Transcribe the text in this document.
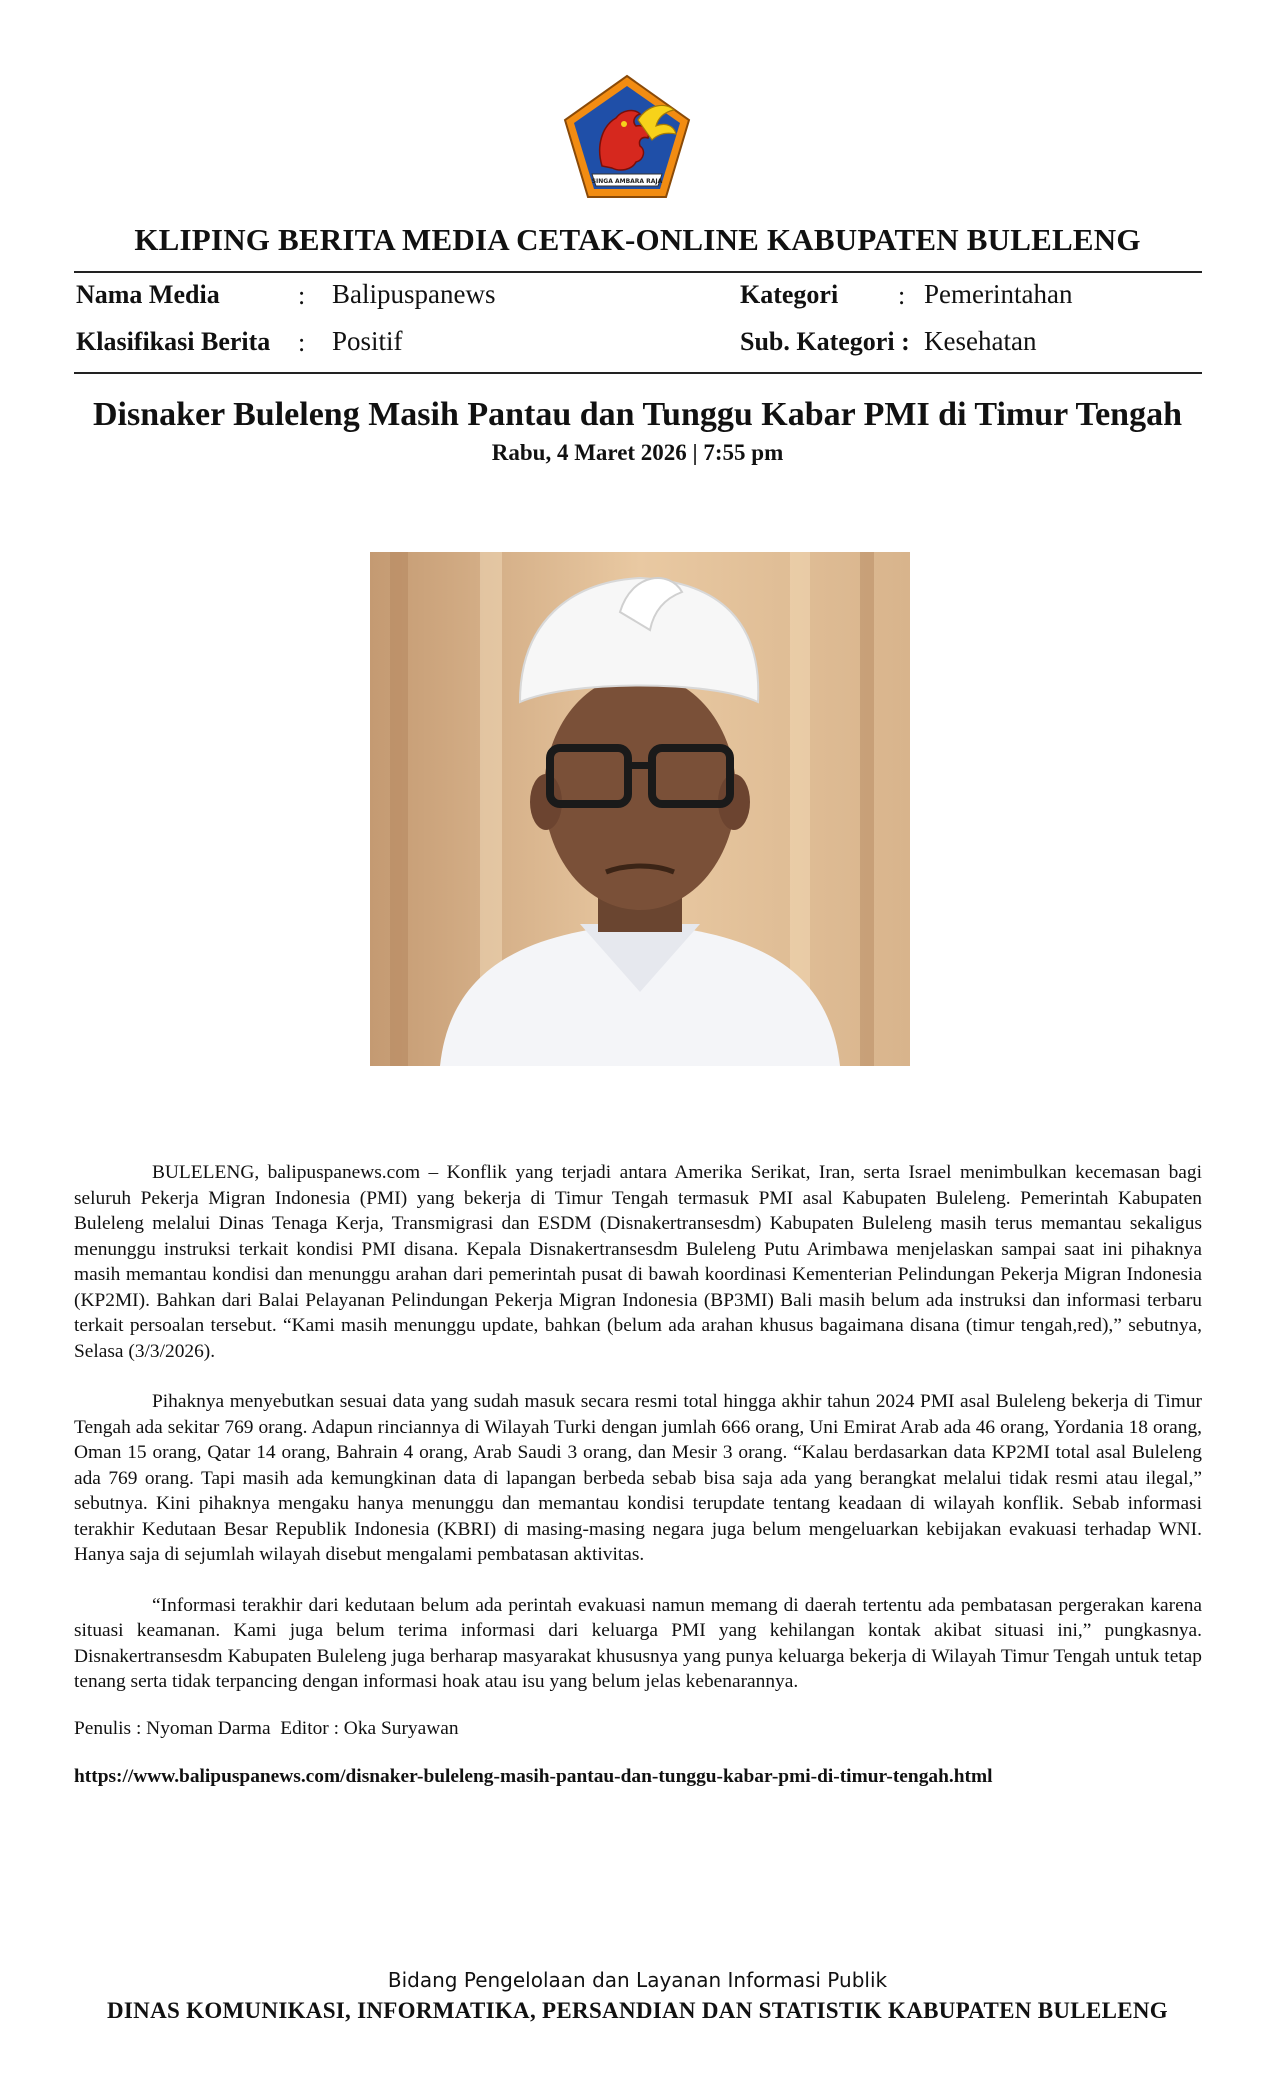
SINGA AMBARA RAJA
KLIPING BERITA MEDIA CETAK-ONLINE KABUPATEN BULELENG
Nama Media	: Balipuspanews	Kategori : Pemerintahan
Klasifikasi Berita : Positif	Sub. Kategori : Kesehatan
Disnaker Buleleng Masih Pantau dan Tunggu Kabar PMI di Timur Tengah
Rabu, 4 Maret 2026 | 7:55 pm

BULELENG, balipuspanews.com – Konflik yang terjadi antara Amerika Serikat, Iran, serta Israel menimbulkan kecemasan bagi seluruh Pekerja Migran Indonesia (PMI) yang bekerja di Timur Tengah termasuk PMI asal Kabupaten Buleleng. Pemerintah Kabupaten Buleleng melalui Dinas Tenaga Kerja, Transmigrasi dan ESDM (Disnakertransesdm) Kabupaten Buleleng masih terus memantau sekaligus menunggu instruksi terkait kondisi PMI disana. Kepala Disnakertransesdm Buleleng Putu Arimbawa menjelaskan sampai saat ini pihaknya masih memantau kondisi dan menunggu arahan dari pemerintah pusat di bawah koordinasi Kementerian Pelindungan Pekerja Migran Indonesia (KP2MI). Bahkan dari Balai Pelayanan Pelindungan Pekerja Migran Indonesia (BP3MI) Bali masih belum ada instruksi dan informasi terbaru terkait persoalan tersebut. “Kami masih menunggu update, bahkan (belum ada arahan khusus bagaimana disana (timur tengah,red),” sebutnya, Selasa (3/3/2026).

Pihaknya menyebutkan sesuai data yang sudah masuk secara resmi total hingga akhir tahun 2024 PMI asal Buleleng bekerja di Timur Tengah ada sekitar 769 orang. Adapun rinciannya di Wilayah Turki dengan jumlah 666 orang, Uni Emirat Arab ada 46 orang, Yordania 18 orang, Oman 15 orang, Qatar 14 orang, Bahrain 4 orang, Arab Saudi 3 orang, dan Mesir 3 orang. “Kalau berdasarkan data KP2MI total asal Buleleng ada 769 orang. Tapi masih ada kemungkinan data di lapangan berbeda sebab bisa saja ada yang berangkat melalui tidak resmi atau ilegal,” sebutnya. Kini pihaknya mengaku hanya menunggu dan memantau kondisi terupdate tentang keadaan di wilayah konflik. Sebab informasi terakhir Kedutaan Besar Republik Indonesia (KBRI) di masing-masing negara juga belum mengeluarkan kebijakan evakuasi terhadap WNI. Hanya saja di sejumlah wilayah disebut mengalami pembatasan aktivitas.

“Informasi terakhir dari kedutaan belum ada perintah evakuasi namun memang di daerah tertentu ada pembatasan pergerakan karena situasi keamanan. Kami juga belum terima informasi dari keluarga PMI yang kehilangan kontak akibat situasi ini,” pungkasnya. Disnakertransesdm Kabupaten Buleleng juga berharap masyarakat khususnya yang punya keluarga bekerja di Wilayah Timur Tengah untuk tetap tenang serta tidak terpancing dengan informasi hoak atau isu yang belum jelas kebenarannya.

Penulis : Nyoman Darma  Editor : Oka Suryawan
https://www.balipuspanews.com/disnaker-buleleng-masih-pantau-dan-tunggu-kabar-pmi-di-timur-tengah.html
Bidang Pengelolaan dan Layanan Informasi Publik
DINAS KOMUNIKASI, INFORMATIKA, PERSANDIAN DAN STATISTIK KABUPATEN BULELENG
